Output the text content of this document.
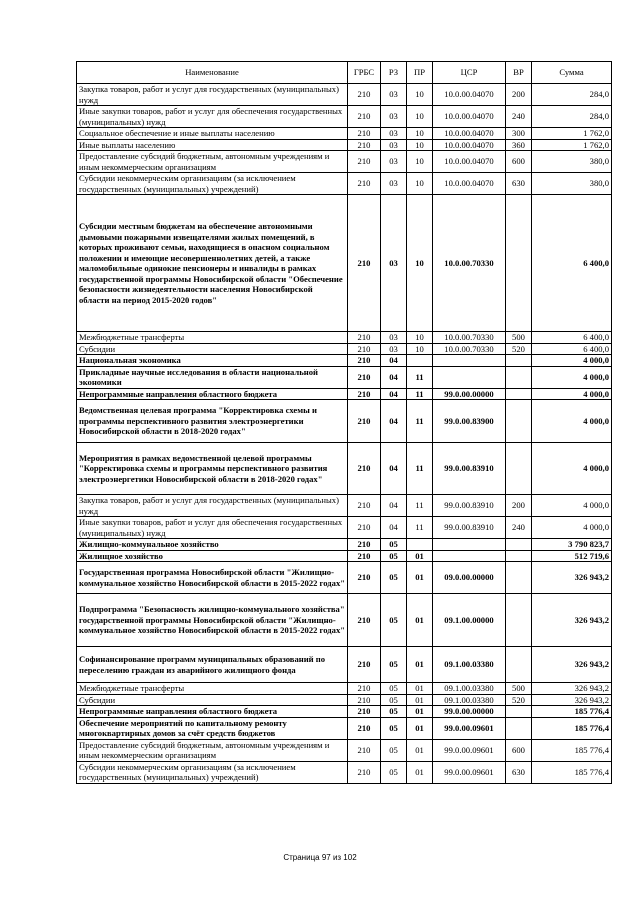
Наименование	ГРБС	РЗ	ПР	ЦСР	ВР	Сумма
Закупка товаров, работ и услуг для государственных (муниципальных) нужд	210	03	10	10.0.00.04070	200	284,0
Иные закупки товаров, работ и услуг для обеспечения государственных (муниципальных) нужд	210	03	10	10.0.00.04070	240	284,0
Социальное обеспечение и иные выплаты населению	210	03	10	10.0.00.04070	300	1 762,0
Иные выплаты населению	210	03	10	10.0.00.04070	360	1 762,0
Предоставление субсидий бюджетным, автономным учреждениям и иным некоммерческим организациям	210	03	10	10.0.00.04070	600	380,0
Субсидии некоммерческим организациям (за исключением государственных (муниципальных) учреждений)	210	03	10	10.0.00.04070	630	380,0
Субсидии местным бюджетам на обеспечение автономными дымовыми пожарными извещателями жилых помещений, в которых проживают семьи, находящиеся в опасном социальном положении и имеющие несовершеннолетних детей, а также маломобильные одинокие пенсионеры и инвалиды в рамках государственной программы Новосибирской области "Обеспечение безопасности жизнедеятельности населения Новосибирской области на период 2015-2020 годов"	210	03	10	10.0.00.70330		6 400,0
Межбюджетные трансферты	210	03	10	10.0.00.70330	500	6 400,0
Субсидии	210	03	10	10.0.00.70330	520	6 400,0
Национальная экономика	210	04				4 000,0
Прикладные научные исследования в области национальной экономики	210	04	11			4 000,0
Непрограммные направления областного бюджета	210	04	11	99.0.00.00000		4 000,0
Ведомственная целевая программа "Корректировка схемы и программы перспективного развития электроэнергетики Новосибирской области в 2018-2020 годах"	210	04	11	99.0.00.83900		4 000,0
Мероприятия в рамках ведомственной целевой программы "Корректировка схемы и программы перспективного развития электроэнергетики Новосибирской области в 2018-2020 годах"	210	04	11	99.0.00.83910		4 000,0
Закупка товаров, работ и услуг для государственных (муниципальных) нужд	210	04	11	99.0.00.83910	200	4 000,0
Иные закупки товаров, работ и услуг для обеспечения государственных (муниципальных) нужд	210	04	11	99.0.00.83910	240	4 000,0
Жилищно-коммунальное хозяйство	210	05				3 790 823,7
Жилищное хозяйство	210	05	01			512 719,6
Государственная программа Новосибирской области "Жилищно-коммунальное хозяйство Новосибирской области в 2015-2022 годах"	210	05	01	09.0.00.00000		326 943,2
Подпрограмма "Безопасность жилищно-коммунального хозяйства" государственной программы Новосибирской области "Жилищно-коммунальное хозяйство Новосибирской области в 2015-2022 годах"	210	05	01	09.1.00.00000		326 943,2
Софинансирование программ муниципальных образований по переселению граждан из аварийного жилищного фонда	210	05	01	09.1.00.03380		326 943,2
Межбюджетные трансферты	210	05	01	09.1.00.03380	500	326 943,2
Субсидии	210	05	01	09.1.00.03380	520	326 943,2
Непрограммные направления областного бюджета	210	05	01	99.0.00.00000		185 776,4
Обеспечение мероприятий по капитальному ремонту многоквартирных домов за счёт средств бюджетов	210	05	01	99.0.00.09601		185 776,4
Предоставление субсидий бюджетным, автономным учреждениям и иным некоммерческим организациям	210	05	01	99.0.00.09601	600	185 776,4
Субсидии некоммерческим организациям (за исключением государственных (муниципальных) учреждений)	210	05	01	99.0.00.09601	630	185 776,4
Страница 97 из 102
